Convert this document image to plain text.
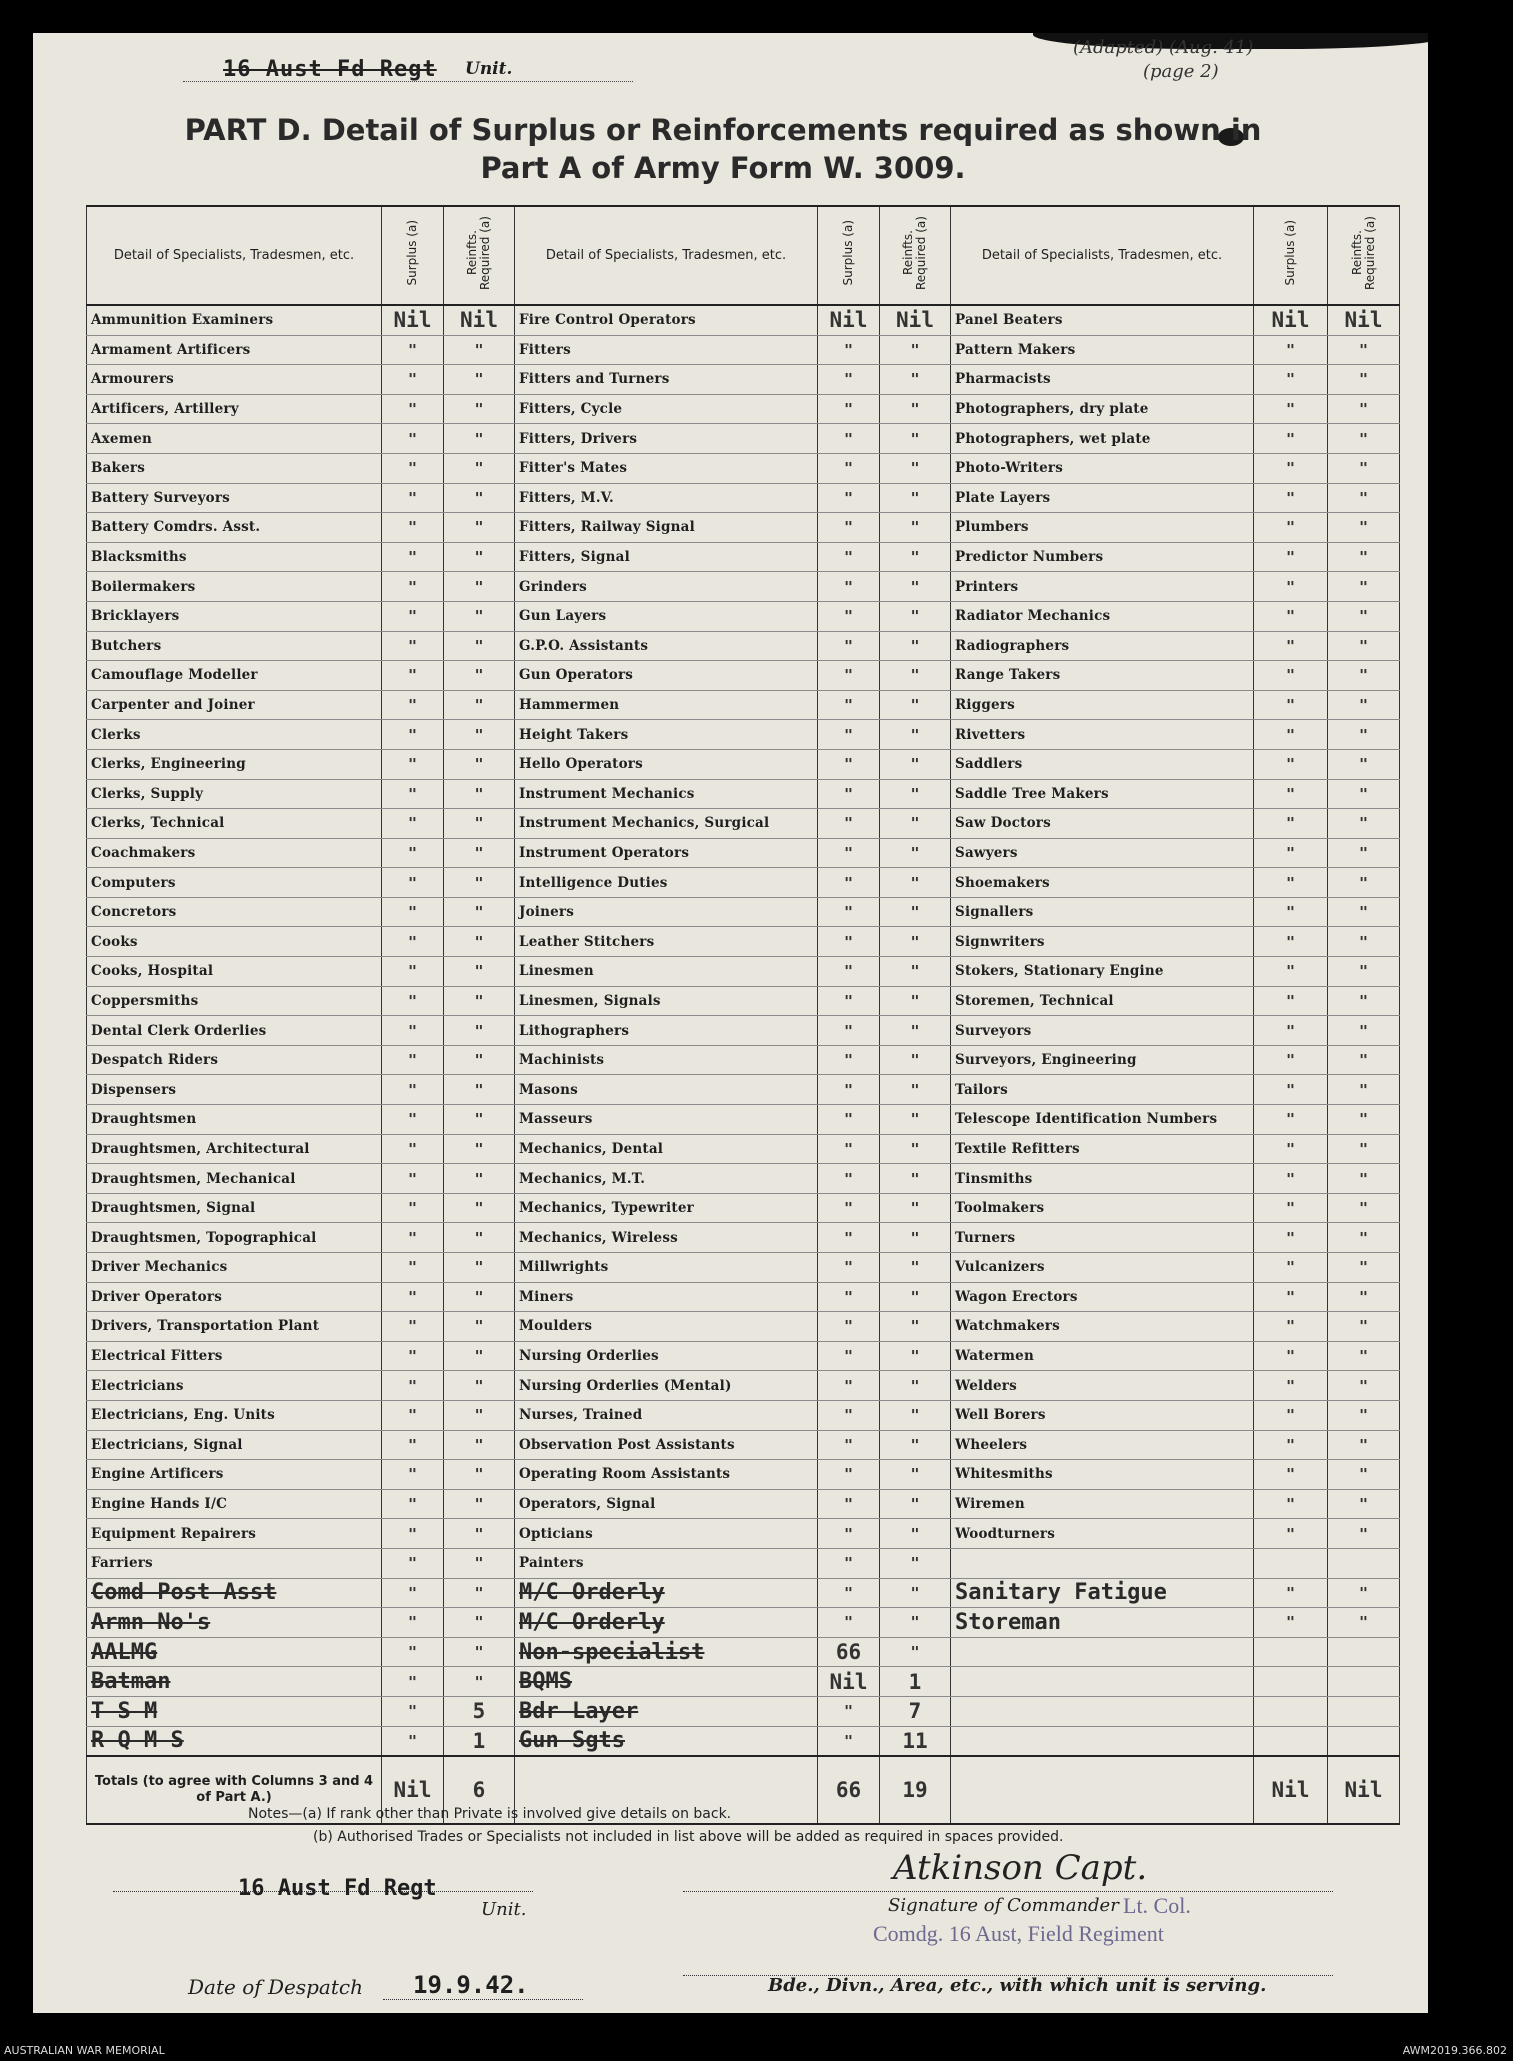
16 Aust Fd Regt Unit.
(Adapted) (Aug. 41)
(page 2)
PART D. Detail of Surplus or Reinforcements required as shown in
Part A of Army Form W. 3009.
Detail of Specialists, Tradesmen, etc.	Surplus (a)	Reinfts. Required (a)	Detail of Specialists, Tradesmen, etc.	Surplus (a)	Reinfts. Required (a)	Detail of Specialists, Tradesmen, etc.	Surplus (a)	Reinfts. Required (a)
Ammunition Examiners	Nil	Nil	Fire Control Operators	Nil	Nil	Panel Beaters	Nil	Nil
Armament Artificers	"	"	Fitters	"	"	Pattern Makers	"	"
Armourers	"	"	Fitters and Turners	"	"	Pharmacists	"	"
Artificers, Artillery	"	"	Fitters, Cycle	"	"	Photographers, dry plate	"	"
Axemen	"	"	Fitters, Drivers	"	"	Photographers, wet plate	"	"
Bakers	"	"	Fitter's Mates	"	"	Photo-Writers	"	"
Battery Surveyors	"	"	Fitters, M.V.	"	"	Plate Layers	"	"
Battery Comdrs. Asst.	"	"	Fitters, Railway Signal	"	"	Plumbers	"	"
Blacksmiths	"	"	Fitters, Signal	"	"	Predictor Numbers	"	"
Boilermakers	"	"	Grinders	"	"	Printers	"	"
Bricklayers	"	"	Gun Layers	"	"	Radiator Mechanics	"	"
Butchers	"	"	G.P.O. Assistants	"	"	Radiographers	"	"
Camouflage Modeller	"	"	Gun Operators	"	"	Range Takers	"	"
Carpenter and Joiner	"	"	Hammermen	"	"	Riggers	"	"
Clerks	"	"	Height Takers	"	"	Rivetters	"	"
Clerks, Engineering	"	"	Hello Operators	"	"	Saddlers	"	"
Clerks, Supply	"	"	Instrument Mechanics	"	"	Saddle Tree Makers	"	"
Clerks, Technical	"	"	Instrument Mechanics, Surgical	"	"	Saw Doctors	"	"
Coachmakers	"	"	Instrument Operators	"	"	Sawyers	"	"
Computers	"	"	Intelligence Duties	"	"	Shoemakers	"	"
Concretors	"	"	Joiners	"	"	Signallers	"	"
Cooks	"	"	Leather Stitchers	"	"	Signwriters	"	"
Cooks, Hospital	"	"	Linesmen	"	"	Stokers, Stationary Engine	"	"
Coppersmiths	"	"	Linesmen, Signals	"	"	Storemen, Technical	"	"
Dental Clerk Orderlies	"	"	Lithographers	"	"	Surveyors	"	"
Despatch Riders	"	"	Machinists	"	"	Surveyors, Engineering	"	"
Dispensers	"	"	Masons	"	"	Tailors	"	"
Draughtsmen	"	"	Masseurs	"	"	Telescope Identification Numbers	"	"
Draughtsmen, Architectural	"	"	Mechanics, Dental	"	"	Textile Refitters	"	"
Draughtsmen, Mechanical	"	"	Mechanics, M.T.	"	"	Tinsmiths	"	"
Draughtsmen, Signal	"	"	Mechanics, Typewriter	"	"	Toolmakers	"	"
Draughtsmen, Topographical	"	"	Mechanics, Wireless	"	"	Turners	"	"
Driver Mechanics	"	"	Millwrights	"	"	Vulcanizers	"	"
Driver Operators	"	"	Miners	"	"	Wagon Erectors	"	"
Drivers, Transportation Plant	"	"	Moulders	"	"	Watchmakers	"	"
Electrical Fitters	"	"	Nursing Orderlies	"	"	Watermen	"	"
Electricians	"	"	Nursing Orderlies (Mental)	"	"	Welders	"	"
Electricians, Eng. Units	"	"	Nurses, Trained	"	"	Well Borers	"	"
Electricians, Signal	"	"	Observation Post Assistants	"	"	Wheelers	"	"
Engine Artificers	"	"	Operating Room Assistants	"	"	Whitesmiths	"	"
Engine Hands I/C	"	"	Operators, Signal	"	"	Wiremen	"	"
Equipment Repairers	"	"	Opticians	"	"	Woodturners	"	"
Farriers	"	"	Painters	"	"			
Comd Post Asst	"	"	M/C Orderly	"	"	Sanitary Fatigue	"	"
Armn No's	"	"	M/C Orderly	"	"	Storeman	"	"
AALMG	"	"	Non-specialist	66	"			
Batman	"	"	BQMS	Nil	1			
T S M	"	5	Bdr Layer	"	7			
R Q M S	"	1	Gun Sgts	"	11			
Totals (to agree with Columns 3 and 4 of Part A.)	Nil	6		66	19		Nil	Nil
Notes—(a) If rank other than Private is involved give details on back.
(b) Authorised Trades or Specialists not included in list above will be added as required in spaces provided.
16 Aust Fd Regt
Unit.
Atkinson Capt.
Signature of Commander Lt. Col.
Comdg. 16 Aust, Field Regiment
Date of Despatch 19.9.42.	Bde., Divn., Area, etc., with which unit is serving.
AUSTRALIAN WAR MEMORIAL	AWM2019.366.802
